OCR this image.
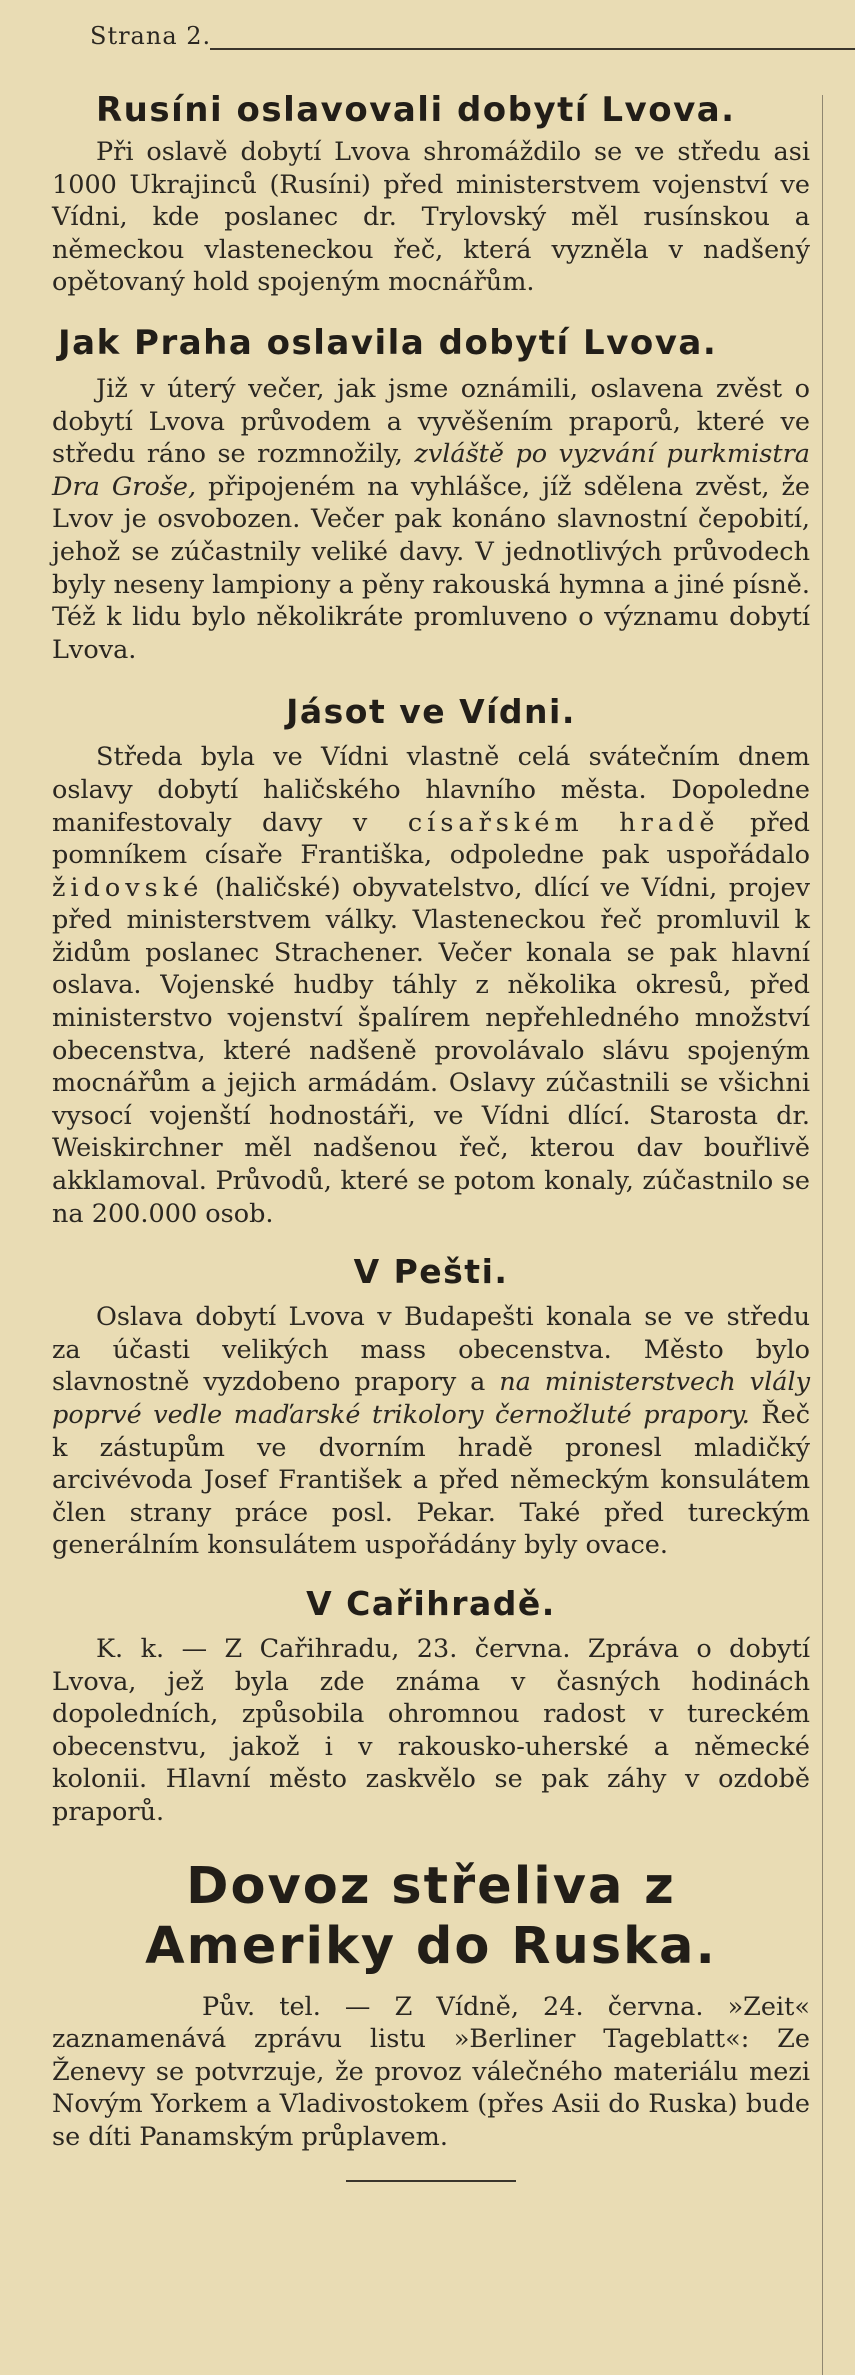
Strana 2.
Rusíni oslavovali dobytí Lvova.

Při oslavě dobytí Lvova shromáždilo se ve středu asi 1000 Ukrajinců (Rusíni) před ministerstvem vojenství ve Vídni, kde poslanec dr. Trylovský měl rusínskou a německou vlasteneckou řeč, která vyzněla v nadšený opětovaný hold spojeným mocnářům.

Jak Praha oslavila dobytí Lvova.

Již v úterý večer, jak jsme oznámili, oslavena zvěst o dobytí Lvova průvodem a vyvěšením praporů, které ve středu ráno se rozmnožily, zvláště po vyzvání purkmistra Dra Groše, připojeném na vyhlášce, jíž sdělena zvěst, že Lvov je osvobozen. Večer pak konáno slavnostní čepobití, jehož se zúčastnily veliké davy. V jednotlivých průvodech byly neseny lampiony a pěny rakouská hymna a jiné písně. Též k lidu bylo několikráte promluveno o významu dobytí Lvova.

Jásot ve Vídni.

Středa byla ve Vídni vlastně celá svátečním dnem oslavy dobytí haličského hlavního města. Dopoledne manifestovaly davy v císařském hradě před pomníkem císaře Františka, odpoledne pak uspořádalo židovské (haličské) obyvatelstvo, dlící ve Vídni, projev před ministerstvem války. Vlasteneckou řeč promluvil k židům poslanec Strachener. Večer konala se pak hlavní oslava. Vojenské hudby táhly z několika okresů, před ministerstvo vojenství špalírem nepřehledného množství obecenstva, které nadšeně provolávalo slávu spojeným mocnářům a jejich armádám. Oslavy zúčastnili se všichni vysocí vojenští hodnostáři, ve Vídni dlící. Starosta dr. Weiskirchner měl nadšenou řeč, kterou dav bouřlivě akklamoval. Průvodů, které se potom konaly, zúčastnilo se na 200.000 osob.

V Pešti.

Oslava dobytí Lvova v Budapešti konala se ve středu za účasti velikých mass obecenstva. Město bylo slavnostně vyzdobeno prapory a na ministerstvech vlály poprvé vedle maďarské trikolory černožluté prapory. Řeč k zástupům ve dvorním hradě pronesl mladičký arcivévoda Josef František a před německým konsulátem člen strany práce posl. Pekar. Také před tureckým generálním konsulátem uspořádány byly ovace.

V Cařihradě.

K. k. — Z Cařihradu, 23. června. Zpráva o dobytí Lvova, jež byla zde známa v časných hodinách dopoledních, způsobila ohromnou radost v tureckém obecenstvu, jakož i v rakousko-uherské a německé kolonii. Hlavní město zaskvělo se pak záhy v ozdobě praporů.

Dovoz střeliva z Ameriky do Ruska.

Pův. tel. — Z Vídně, 24. června. »Zeit« zaznamenává zprávu listu »Berliner Tageblatt«: Ze Ženevy se potvrzuje, že provoz válečného materiálu mezi Novým Yorkem a Vladivostokem (přes Asii do Ruska) bude se díti Panamským průplavem.
